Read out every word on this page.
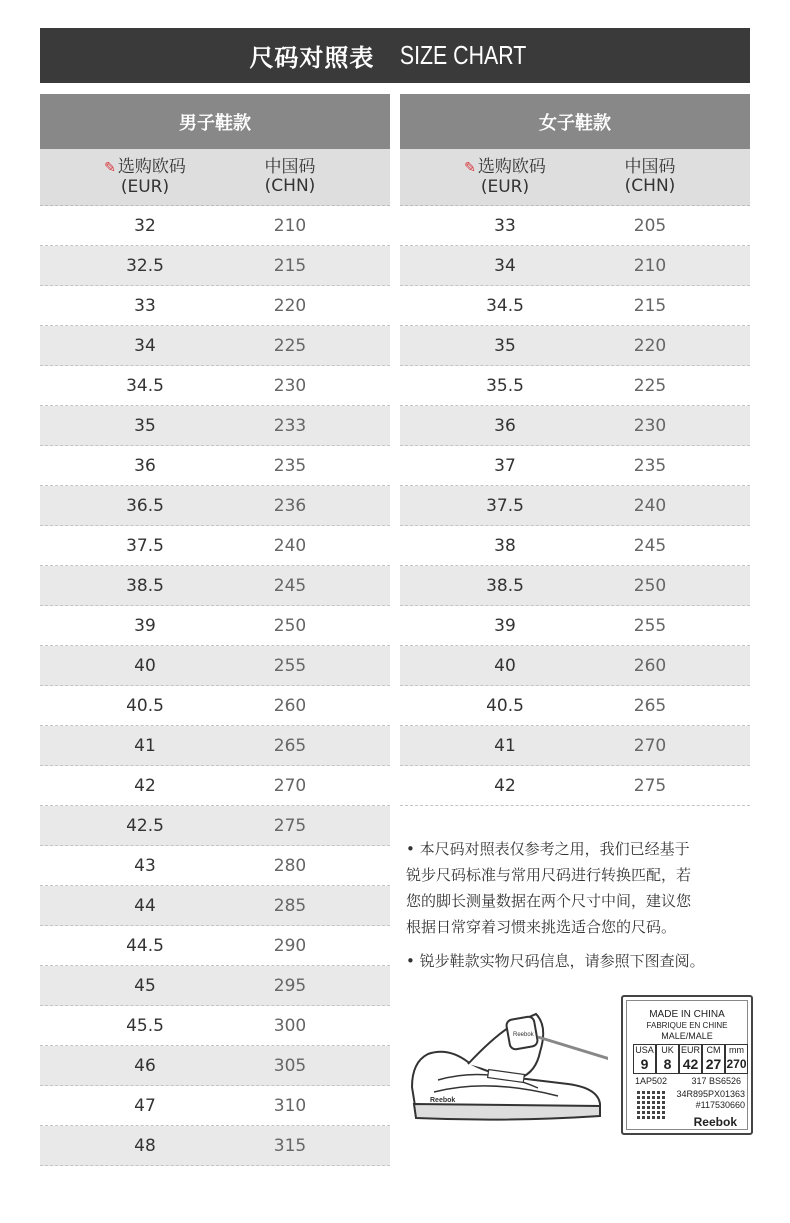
尺码对照表 SIZE CHART
男子鞋款
✎ 选购欧码
(EUR)
中国码
(CHN)
32	210
32.5	215
33	220
34	225
34.5	230
35	233
36	235
36.5	236
37.5	240
38.5	245
39	250
40	255
40.5	260
41	265
42	270
42.5	275
43	280
44	285
44.5	290
45	295
45.5	300
46	305
47	310
48	315
女子鞋款
✎ 选购欧码
(EUR)
中国码
(CHN)
33	205
34	210
34.5	215
35	220
35.5	225
36	230
37	235
37.5	240
38	245
38.5	250
39	255
40	260
40.5	265
41	270
42	275

• 本尺码对照表仅参考之用，我们已经基于

锐步尺码标准与常用尺码进行转换匹配，若

您的脚长测量数据在两个尺寸中间，建议您

根据日常穿着习惯来挑选适合您的尺码。

• 锐步鞋款实物尺码信息，请参照下图查阅。

Reebok
Reebok
MADE IN CHINA
FABRIQUE EN CHINE
MALE/MALE
USA
9
UK
8
EUR
42
CM
27
mm
270
1AP502	317 BS6526
34R895PX01363
#117530660
Reebok
